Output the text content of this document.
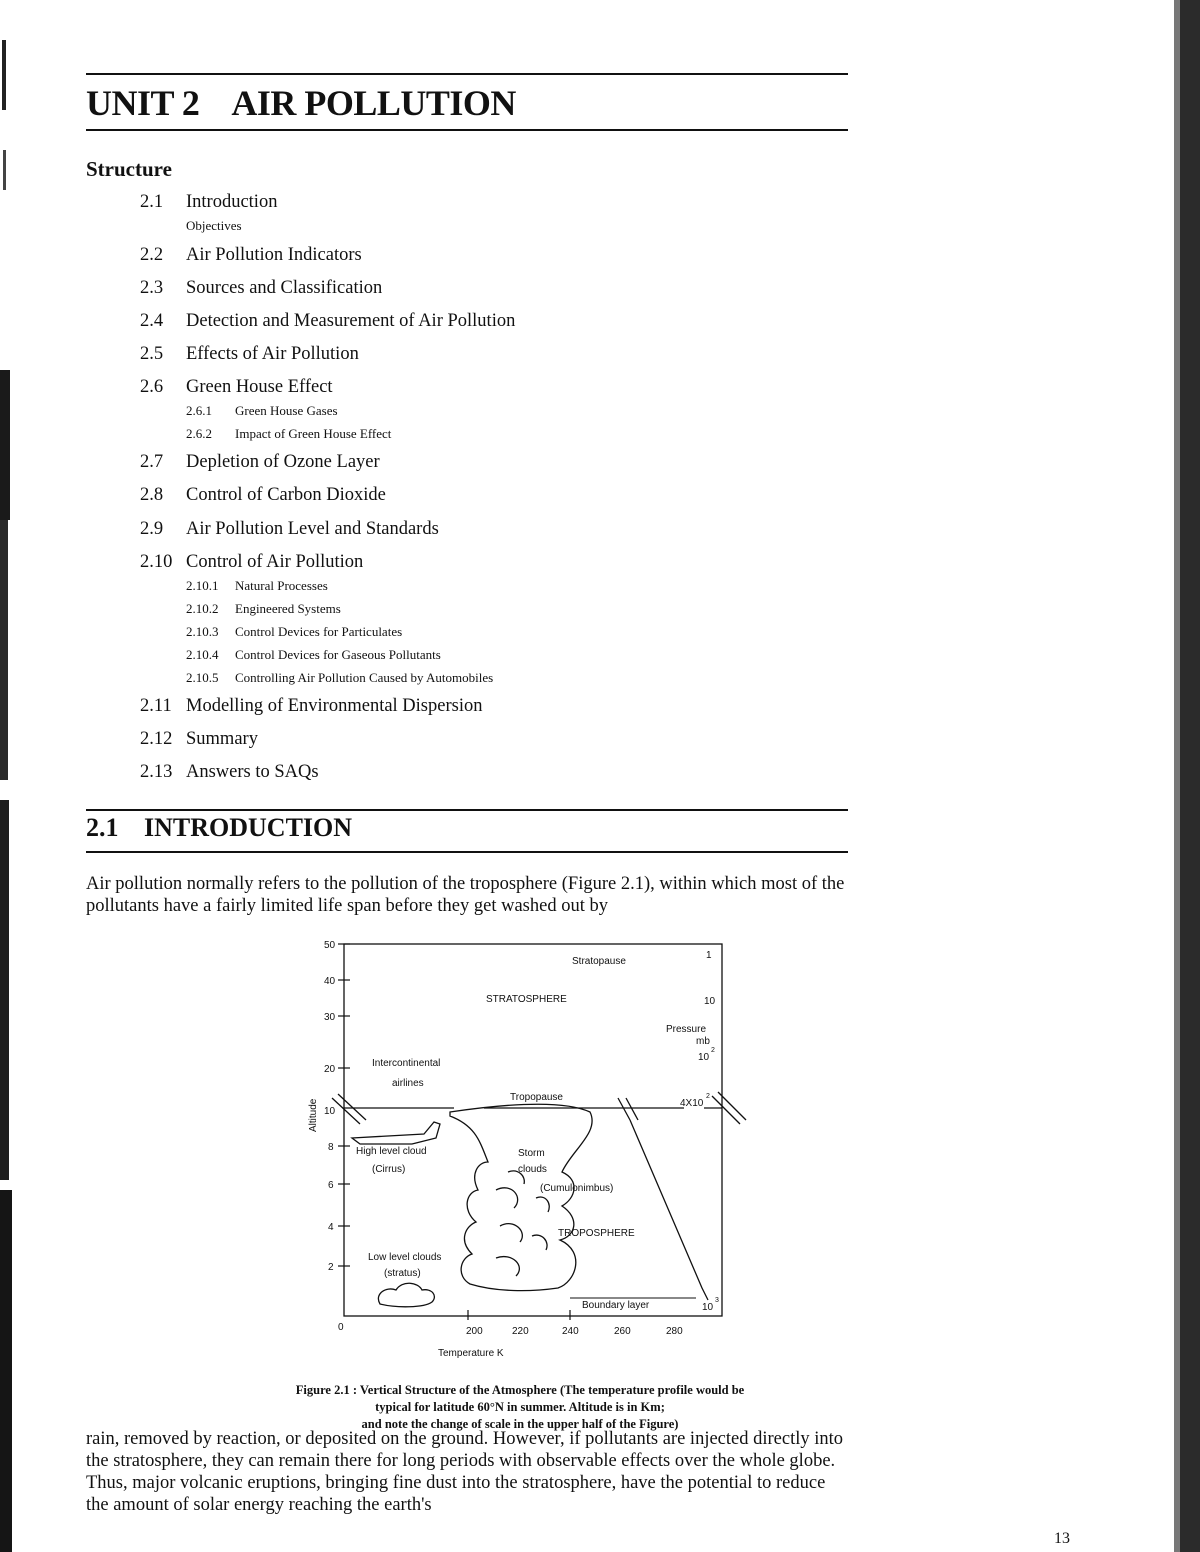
UNIT 2    AIR POLLUTION
Structure
2.1 Introduction
Objectives
2.2 Air Pollution Indicators
2.3 Sources and Classification
2.4 Detection and Measurement of Air Pollution
2.5 Effects of Air Pollution
2.6 Green House Effect
2.6.1 Green House Gases
2.6.2 Impact of Green House Effect
2.7 Depletion of Ozone Layer
2.8 Control of Carbon Dioxide
2.9 Air Pollution Level and Standards
2.10 Control of Air Pollution
2.10.1 Natural Processes
2.10.2 Engineered Systems
2.10.3 Control Devices for Particulates
2.10.4 Control Devices for Gaseous Pollutants
2.10.5 Controlling Air Pollution Caused by Automobiles
2.11 Modelling of Environmental Dispersion
2.12 Summary
2.13 Answers to SAQs
2.1 INTRODUCTION

Air pollution normally refers to the pollution of the troposphere (Figure 2.1), within which most of the pollutants have a fairly limited life span before they get washed out by

50
40
30
20
10
8
6
4
2
0	200	220	240	260	280
Temperature K
Altitude
Stratopause
STRATOSPHERE
Tropopause
TROPOSPHERE
Boundary layer
1
10
Pressure
mb
10
2
4X10
2
10
3
Intercontinental
airlines
High level cloud
(Cirrus)
Storm
clouds
(Cumulonimbus)
Low level clouds
(stratus)
Figure 2.1 : Vertical Structure of the Atmosphere (The temperature profile would be
typical for latitude 60°N in summer. Altitude is in Km;
and note the change of scale in the upper half of the Figure)

rain, removed by reaction, or deposited on the ground. However, if pollutants are injected directly into the stratosphere, they can remain there for long periods with observable effects over the whole globe. Thus, major volcanic eruptions, bringing fine dust into the stratosphere, have the potential to reduce the amount of solar energy reaching the earth's

13
